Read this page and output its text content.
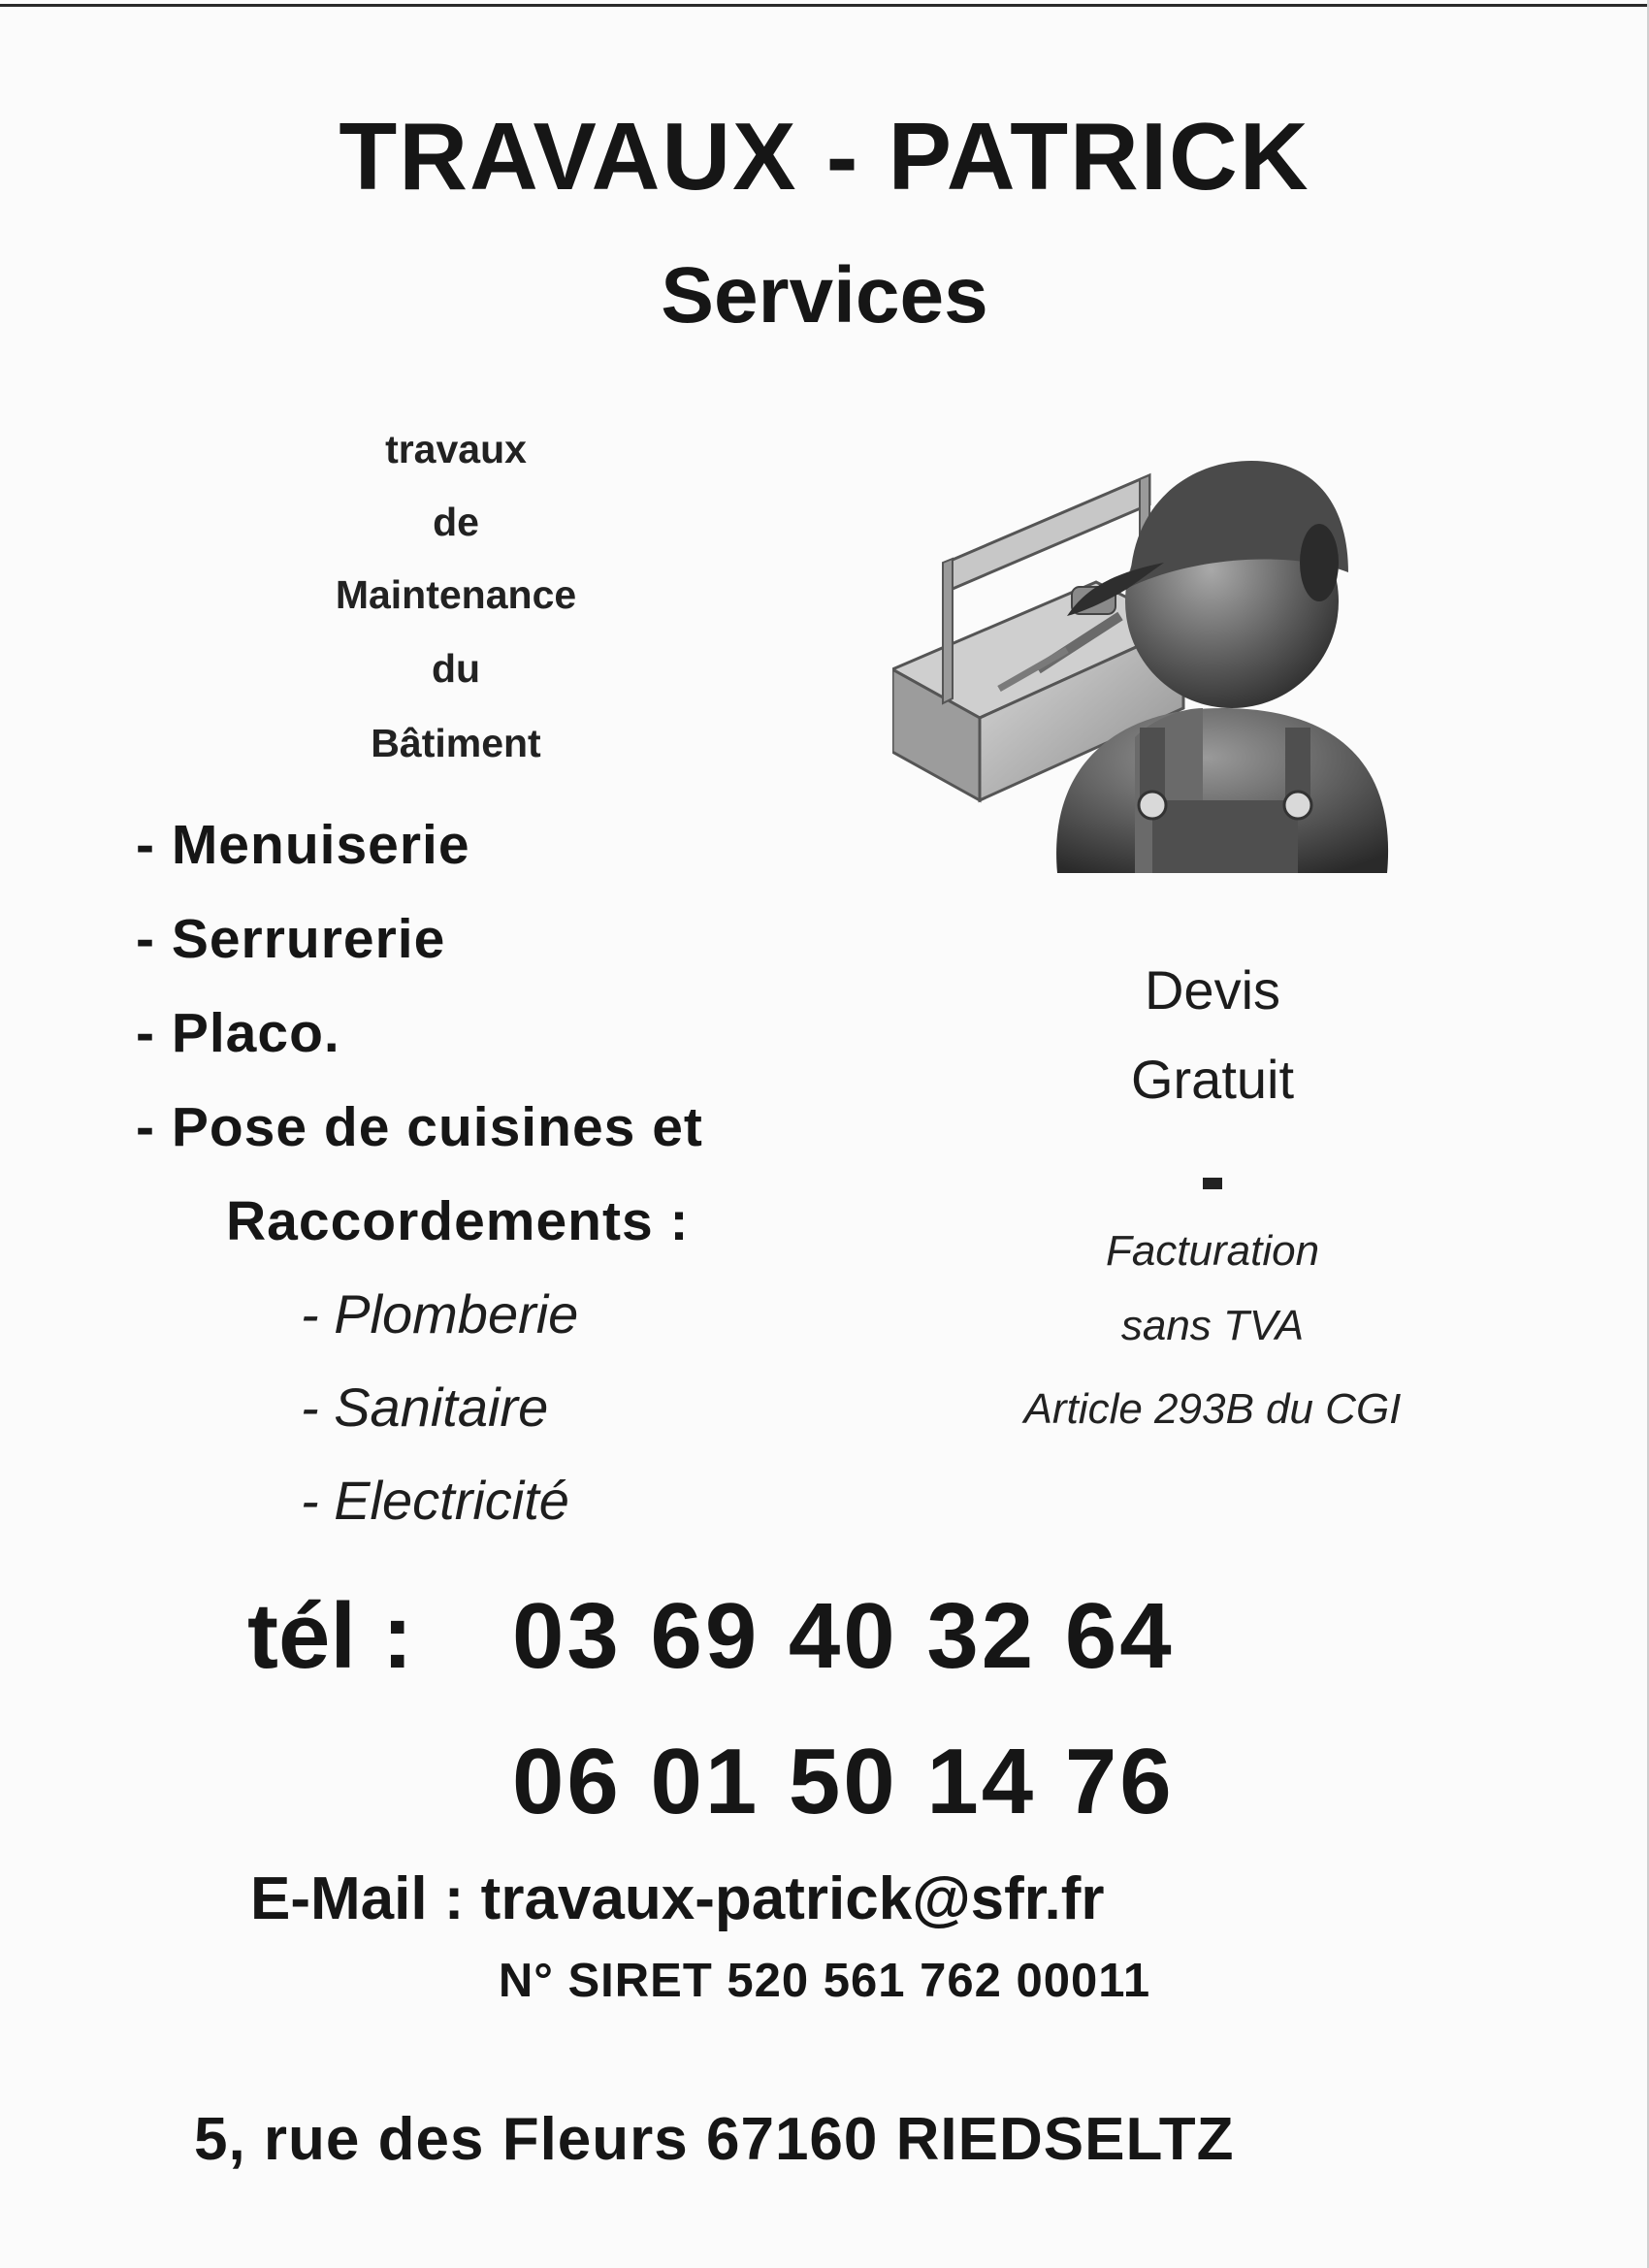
TRAVAUX - PATRICK
Services
travaux
de
Maintenance
du
Bâtiment
- Menuiserie
- Serrurerie
- Placo.
- Pose de cuisines et
Raccordements :
- Plomberie
- Sanitaire
- Electricité
Devis
Gratuit
Facturation
sans TVA
Article 293B du CGI
tél : 03 69 40 32 64
06 01 50 14 76
E-Mail : travaux-patrick@sfr.fr
N° SIRET 520 561 762 00011
5, rue des Fleurs 67160 RIEDSELTZ
